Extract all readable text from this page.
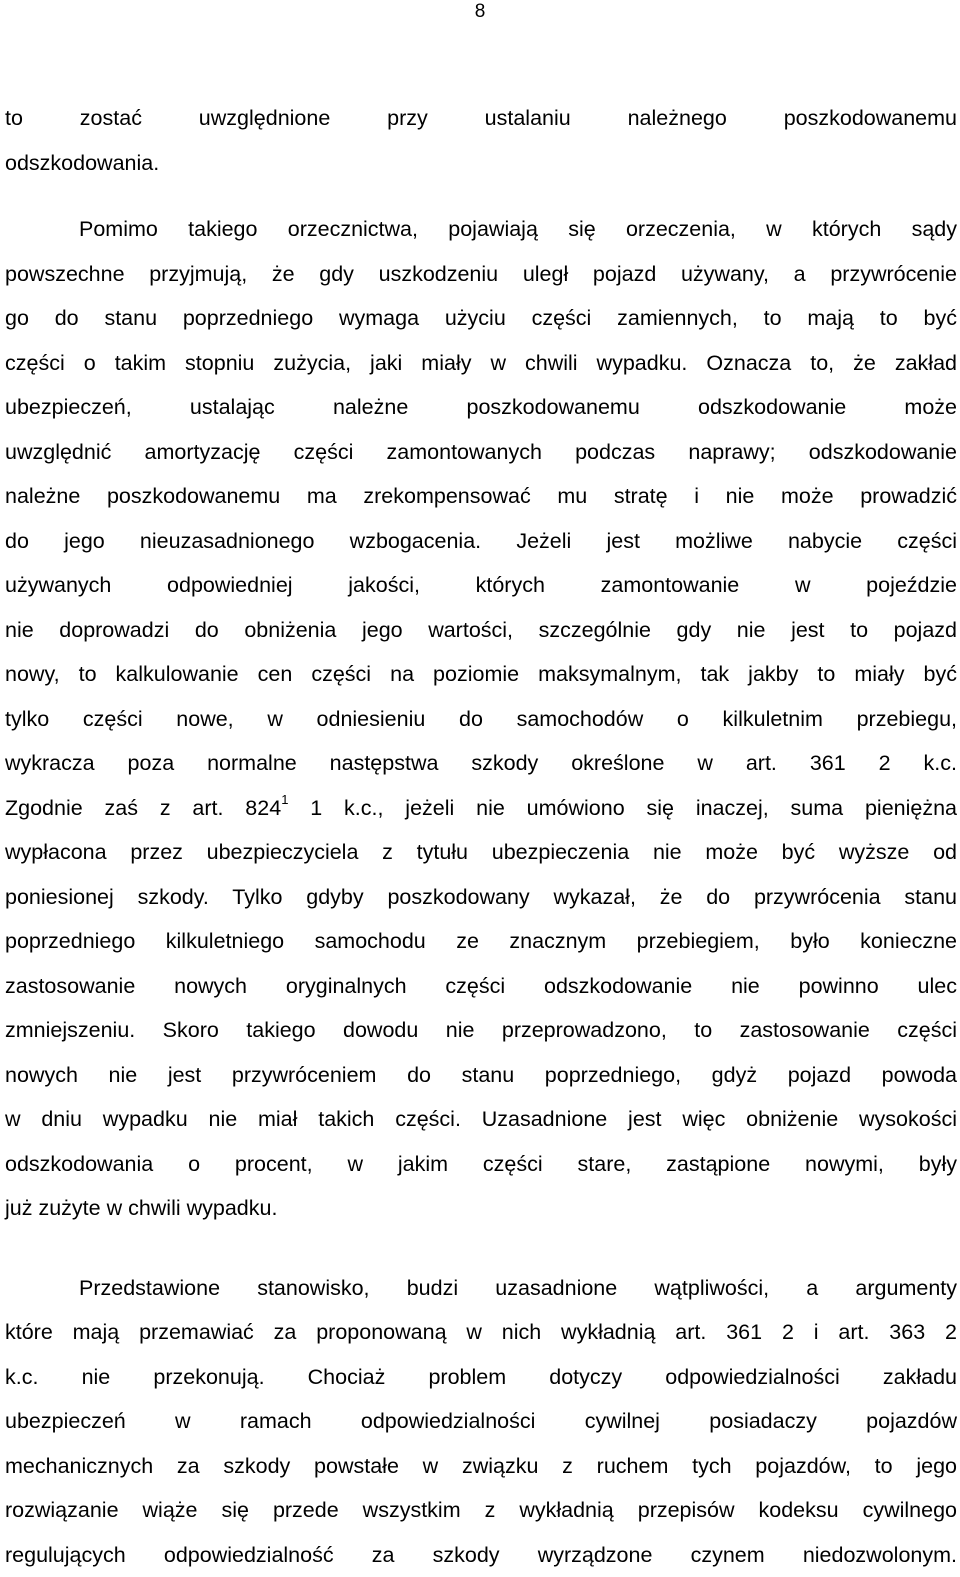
8
to zostać uwzględnione przy ustalaniu należnego poszkodowanemu
odszkodowania.
Pomimo takiego orzecznictwa, pojawiają się orzeczenia, w których sądy
powszechne przyjmują, że gdy uszkodzeniu uległ pojazd używany, a przywrócenie
go do stanu poprzedniego wymaga użyciu części zamiennych, to mają to być
części o takim stopniu zużycia, jaki miały w chwili wypadku. Oznacza to, że zakład
ubezpieczeń, ustalając należne poszkodowanemu odszkodowanie może
uwzględnić amortyzację części zamontowanych podczas naprawy; odszkodowanie
należne poszkodowanemu ma zrekompensować mu stratę i nie może prowadzić
do jego nieuzasadnionego wzbogacenia. Jeżeli jest możliwe nabycie części
używanych odpowiedniej jakości, których zamontowanie w pojeździe
nie doprowadzi do obniżenia jego wartości, szczególnie gdy nie jest to pojazd
nowy, to kalkulowanie cen części na poziomie maksymalnym, tak jakby to miały być
tylko części nowe, w odniesieniu do samochodów o kilkuletnim przebiegu,
wykracza poza normalne następstwa szkody określone w art. 361 2 k.c.
Zgodnie zaś z art. $824^1$ 1 k.c., jeżeli nie umówiono się inaczej, suma pieniężna
wypłacona przez ubezpieczyciela z tytułu ubezpieczenia nie może być wyższe od
poniesionej szkody. Tylko gdyby poszkodowany wykazał, że do przywrócenia stanu
poprzedniego kilkuletniego samochodu ze znacznym przebiegiem, było konieczne
zastosowanie nowych oryginalnych części odszkodowanie nie powinno ulec
zmniejszeniu. Skoro takiego dowodu nie przeprowadzono, to zastosowanie części
nowych nie jest przywróceniem do stanu poprzedniego, gdyż pojazd powoda
w dniu wypadku nie miał takich części. Uzasadnione jest więc obniżenie wysokości
odszkodowania o procent, w jakim części stare, zastąpione nowymi, były
już zużyte w chwili wypadku.
Przedstawione stanowisko, budzi uzasadnione wątpliwości, a argumenty
które mają przemawiać za proponowaną w nich wykładnią art. 361 2 i art. 363 2
k.c. nie przekonują. Chociaż problem dotyczy odpowiedzialności zakładu
ubezpieczeń w ramach odpowiedzialności cywilnej posiadaczy pojazdów
mechanicznych za szkody powstałe w związku z ruchem tych pojazdów, to jego
rozwiązanie wiąże się przede wszystkim z wykładnią przepisów kodeksu cywilnego
regulujących odpowiedzialność za szkody wyrządzone czynem niedozwolonym.
